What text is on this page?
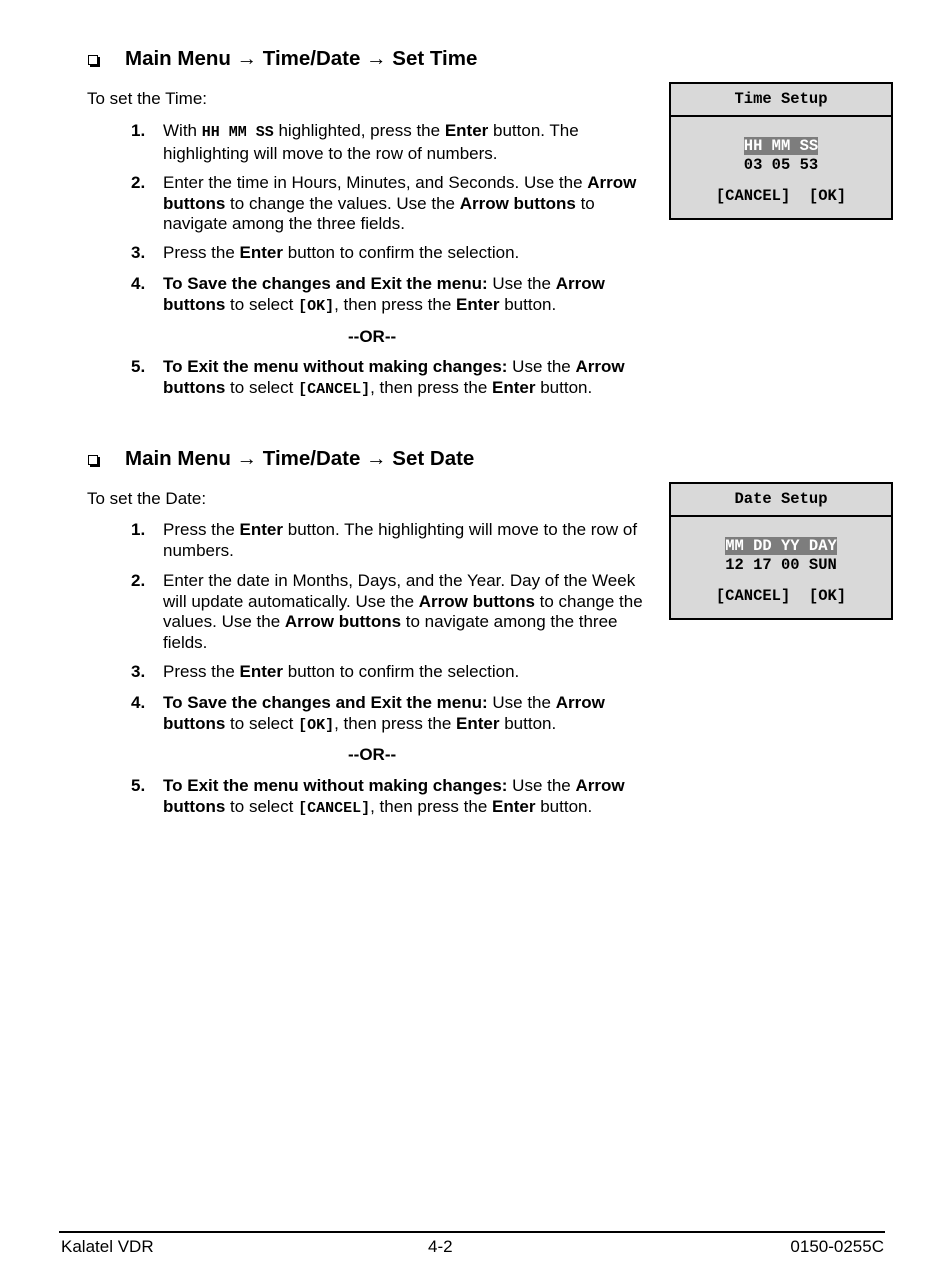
Main Menu → Time/Date → Set Time
To set the Time:
1. With HH MM SS highlighted, press the Enter button. The highlighting will move to the row of numbers.
2. Enter the time in Hours, Minutes, and Seconds. Use the Arrow buttons to change the values. Use the Arrow buttons to navigate among the three fields.
3. Press the Enter button to confirm the selection.
4. To Save the changes and Exit the menu: Use the Arrow buttons to select [OK], then press the Enter button.
--OR--
5. To Exit the menu without making changes: Use the Arrow buttons to select [CANCEL], then press the Enter button.
Time Setup
HH MM SS
03 05 53
[CANCEL] [OK]
Main Menu → Time/Date → Set Date
To set the Date:
1. Press the Enter button. The highlighting will move to the row of numbers.
2. Enter the date in Months, Days, and the Year. Day of the Week will update automatically. Use the Arrow buttons to change the values. Use the Arrow buttons to navigate among the three fields.
3. Press the Enter button to confirm the selection.
4. To Save the changes and Exit the menu: Use the Arrow buttons to select [OK], then press the Enter button.
--OR--
5. To Exit the menu without making changes: Use the Arrow buttons to select [CANCEL], then press the Enter button.
Date Setup
MM DD YY DAY
12 17 00 SUN
[CANCEL] [OK]
Kalatel VDR	4-2	0150-0255C
